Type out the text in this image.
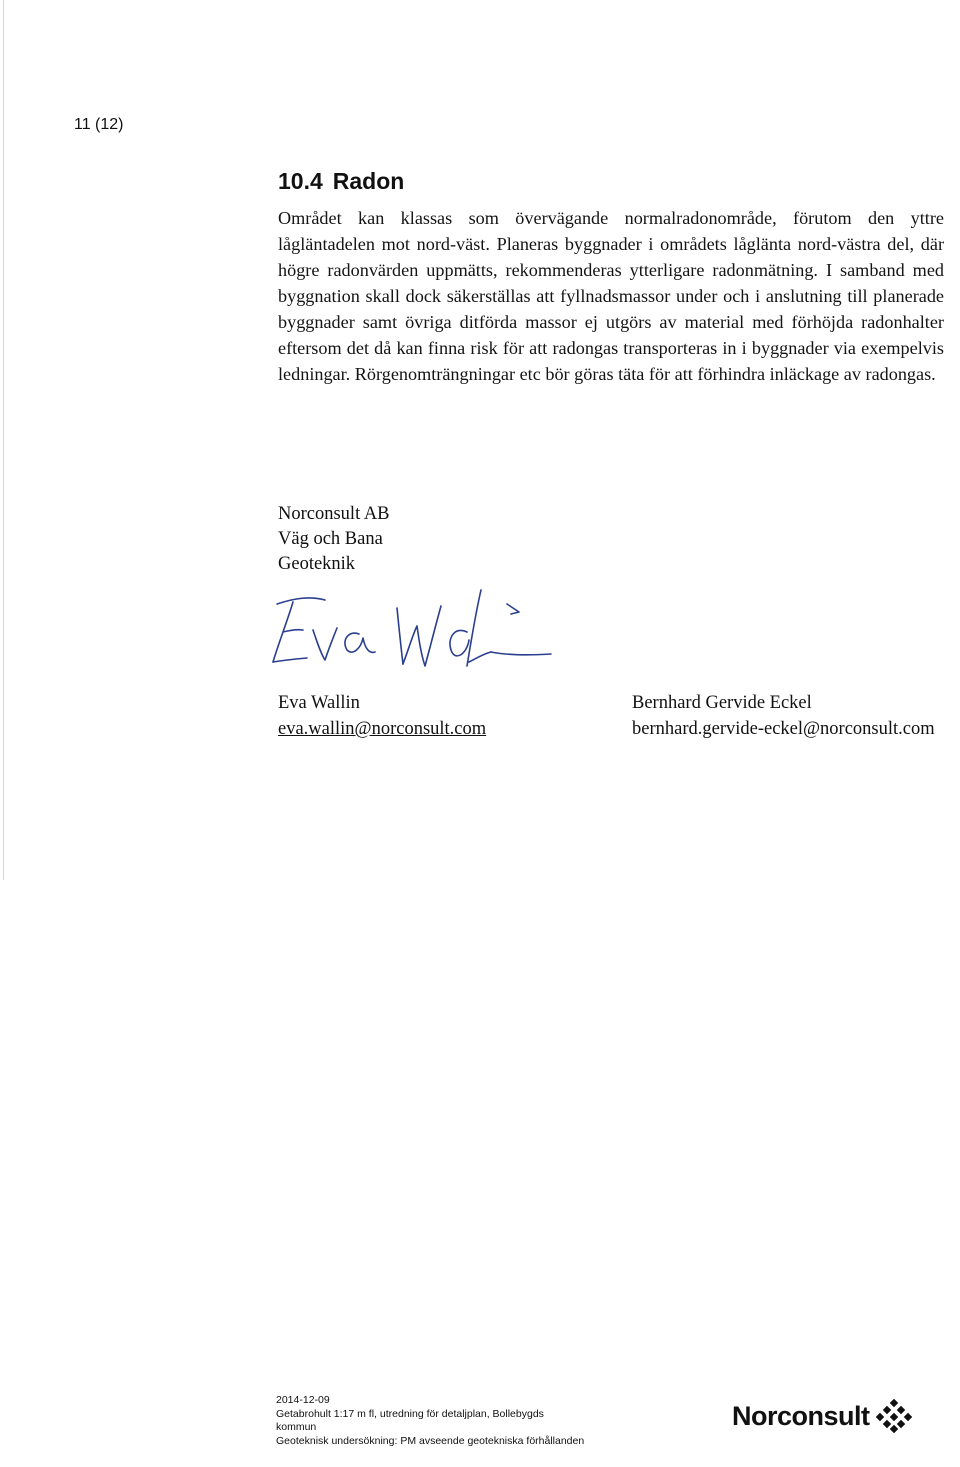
11 (12)
10.4 Radon

Området kan klassas som övervägande normalradonområde, förutom den yttre lågläntadelen mot nord-väst. Planeras byggnader i områdets låglänta nord-västra del, där högre radonvärden uppmätts, rekommenderas ytterligare radonmätning. I samband med byggnation skall dock säkerställas att fyllnadsmassor under och i anslutning till planerade byggnader samt övriga ditförda massor ej utgörs av material med förhöjda radonhalter eftersom det då kan finna risk för att radongas transporteras in i byggnader via exempelvis ledningar. Rörgenomträngningar etc bör göras täta för att förhindra inläckage av radongas.

Norconsult AB
Väg och Bana
Geoteknik
Eva Wallin
eva.wallin@norconsult.com
Bernhard Gervide Eckel
bernhard.gervide-eckel@norconsult.com
2014-12-09
Getabrohult 1:17 m fl, utredning för detaljplan, Bollebygds
kommun
Geoteknisk undersökning: PM avseende geotekniska förhållanden
Norconsult
